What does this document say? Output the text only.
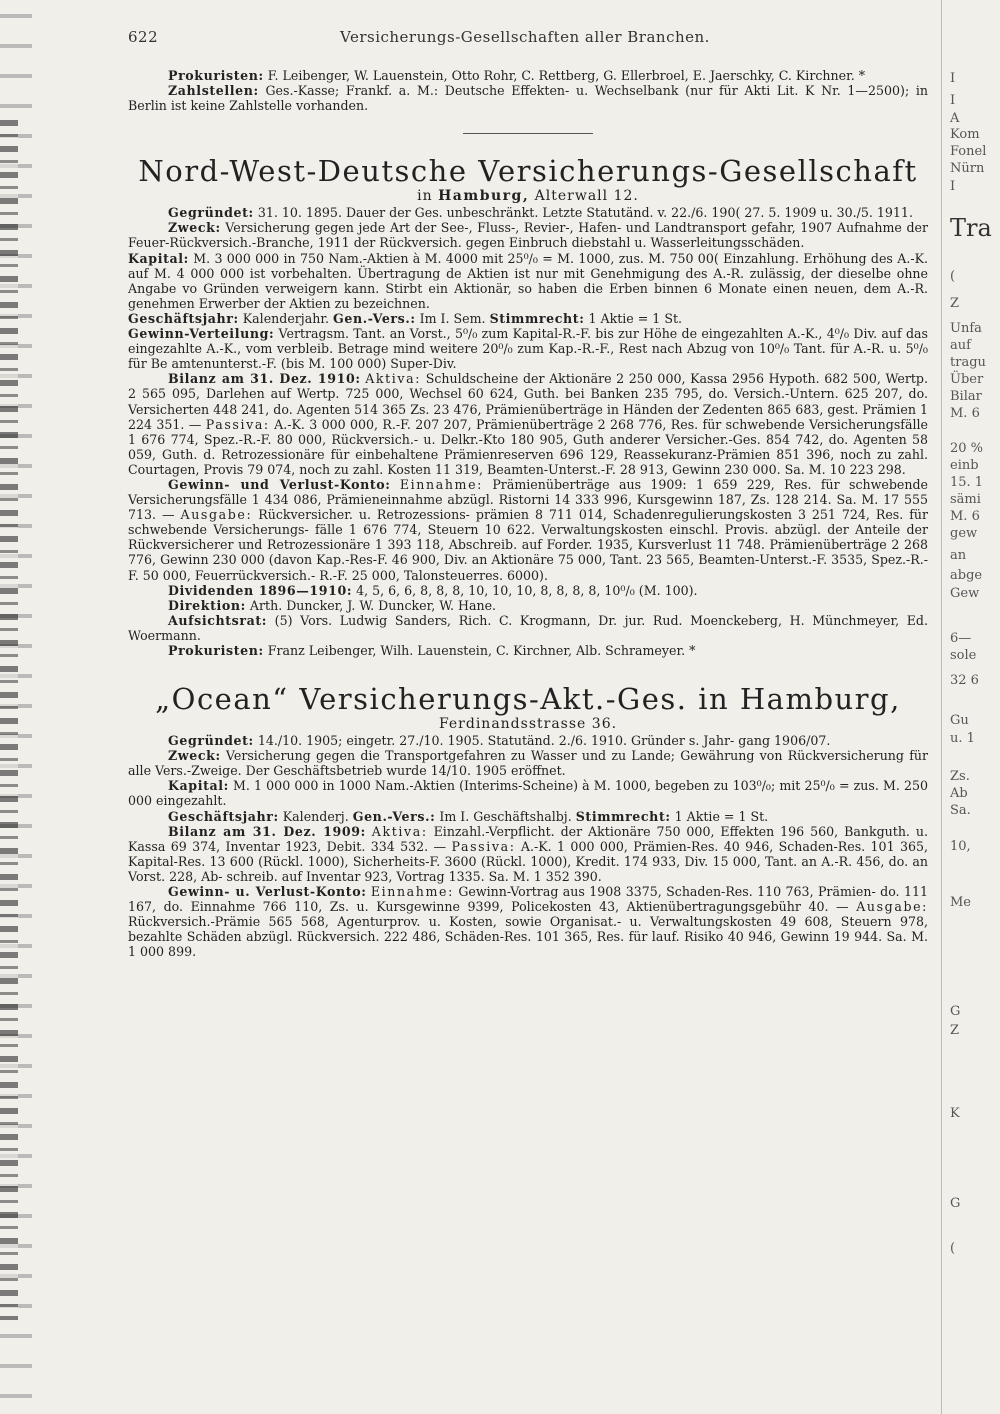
622	Versicherungs-Gesellschaften aller Branchen.

Prokuristen: F. Leibenger, W. Lauenstein, Otto Rohr, C. Rettberg, G. Ellerbroel, E. Jaerschky, C. Kirchner. *

Zahlstellen: Ges.-Kasse; Frankf. a. M.: Deutsche Effekten- u. Wechselbank (nur für Akti Lit. K Nr. 1—2500); in Berlin ist keine Zahlstelle vorhanden.

Nord-West-Deutsche Versicherungs-Gesellschaft
in Hamburg, Alterwall 12.

Gegründet: 31. 10. 1895. Dauer der Ges. unbeschränkt. Letzte Statutänd. v. 22./6. 190( 27. 5. 1909 u. 30./5. 1911.

Zweck: Versicherung gegen jede Art der See-, Fluss-, Revier-, Hafen- und Landtransport gefahr, 1907 Aufnahme der Feuer-Rückversich.-Branche, 1911 der Rückversich. gegen Einbruch diebstahl u. Wasserleitungsschäden.

Kapital: M. 3 000 000 in 750 Nam.-Aktien à M. 4000 mit 25⁰/₀ = M. 1000, zus. M. 750 00( Einzahlung. Erhöhung des A.-K. auf M. 4 000 000 ist vorbehalten. Übertragung de Aktien ist nur mit Genehmigung des A.-R. zulässig, der dieselbe ohne Angabe vo Gründen verweigern kann. Stirbt ein Aktionär, so haben die Erben binnen 6 Monate einen neuen, dem A.-R. genehmen Erwerber der Aktien zu bezeichnen.

Geschäftsjahr: Kalenderjahr. Gen.-Vers.: Im I. Sem. Stimmrecht: 1 Aktie = 1 St.

Gewinn-Verteilung: Vertragsm. Tant. an Vorst., 5⁰/₀ zum Kapital-R.-F. bis zur Höhe de eingezahlten A.-K., 4⁰/₀ Div. auf das eingezahlte A.-K., vom verbleib. Betrage mind weitere 20⁰/₀ zum Kap.-R.-F., Rest nach Abzug von 10⁰/₀ Tant. für A.-R. u. 5⁰/₀ für Be amtenunterst.-F. (bis M. 100 000) Super-Div.

Bilanz am 31. Dez. 1910: Aktiva: Schuldscheine der Aktionäre 2 250 000, Kassa 2956 Hypoth. 682 500, Wertp. 2 565 095, Darlehen auf Wertp. 725 000, Wechsel 60 624, Guth. bei Banken 235 795, do. Versich.-Untern. 625 207, do. Versicherten 448 241, do. Agenten 514 365 Zs. 23 476, Prämienüberträge in Händen der Zedenten 865 683, gest. Prämien 1 224 351. — Passiva: A.-K. 3 000 000, R.-F. 207 207, Prämienüberträge 2 268 776, Res. für schwebende Versicherungsfälle 1 676 774, Spez.-R.-F. 80 000, Rückversich.- u. Delkr.-Kto 180 905, Guth anderer Versicher.-Ges. 854 742, do. Agenten 58 059, Guth. d. Retrozessionäre für einbehaltene Prämienreserven 696 129, Reassekuranz-Prämien 851 396, noch zu zahl. Courtagen, Provis 79 074, noch zu zahl. Kosten 11 319, Beamten-Unterst.-F. 28 913, Gewinn 230 000. Sa. M. 10 223 298.

Gewinn- und Verlust-Konto: Einnahme: Prämienüberträge aus 1909: 1 659 229, Res. für schwebende Versicherungsfälle 1 434 086, Prämieneinnahme abzügl. Ristorni 14 333 996, Kursgewinn 187, Zs. 128 214. Sa. M. 17 555 713. — Ausgabe: Rückversicher. u. Retrozessions- prämien 8 711 014, Schadenregulierungskosten 3 251 724, Res. für schwebende Versicherungs- fälle 1 676 774, Steuern 10 622. Verwaltungskosten einschl. Provis. abzügl. der Anteile der Rückversicherer und Retrozessionäre 1 393 118, Abschreib. auf Forder. 1935, Kursverlust 11 748. Prämienüberträge 2 268 776, Gewinn 230 000 (davon Kap.-Res-F. 46 900, Div. an Aktionäre 75 000, Tant. 23 565, Beamten-Unterst.-F. 3535, Spez.-R.-F. 50 000, Feuerrückversich.- R.-F. 25 000, Talonsteuerres. 6000).

Dividenden 1896—1910: 4, 5, 6, 6, 8, 8, 8, 10, 10, 10, 8, 8, 8, 8, 10⁰/₀ (M. 100).

Direktion: Arth. Duncker, J. W. Duncker, W. Hane.

Aufsichtsrat: (5) Vors. Ludwig Sanders, Rich. C. Krogmann, Dr. jur. Rud. Moenckeberg, H. Münchmeyer, Ed. Woermann.

Prokuristen: Franz Leibenger, Wilh. Lauenstein, C. Kirchner, Alb. Schrameyer. *

„Ocean“ Versicherungs-Akt.-Ges. in Hamburg,
Ferdinandsstrasse 36.

Gegründet: 14./10. 1905; eingetr. 27./10. 1905. Statutänd. 2./6. 1910. Gründer s. Jahr- gang 1906/07.

Zweck: Versicherung gegen die Transportgefahren zu Wasser und zu Lande; Gewährung von Rückversicherung für alle Vers.-Zweige. Der Geschäftsbetrieb wurde 14/10. 1905 eröffnet.

Kapital: M. 1 000 000 in 1000 Nam.-Aktien (Interims-Scheine) à M. 1000, begeben zu 103⁰/₀; mit 25⁰/₀ = zus. M. 250 000 eingezahlt.

Geschäftsjahr: Kalenderj. Gen.-Vers.: Im I. Geschäftshalbj. Stimmrecht: 1 Aktie = 1 St.

Bilanz am 31. Dez. 1909: Aktiva: Einzahl.-Verpflicht. der Aktionäre 750 000, Effekten 196 560, Bankguth. u. Kassa 69 374, Inventar 1923, Debit. 334 532. — Passiva: A.-K. 1 000 000, Prämien-Res. 40 946, Schaden-Res. 101 365, Kapital-Res. 13 600 (Rückl. 1000), Sicherheits-F. 3600 (Rückl. 1000), Kredit. 174 933, Div. 15 000, Tant. an A.-R. 456, do. an Vorst. 228, Ab- schreib. auf Inventar 923, Vortrag 1335. Sa. M. 1 352 390.

Gewinn- u. Verlust-Konto: Einnahme: Gewinn-Vortrag aus 1908 3375, Schaden-Res. 110 763, Prämien- do. 111 167, do. Einnahme 766 110, Zs. u. Kursgewinne 9399, Policekosten 43, Aktienübertragungsgebühr 40. — Ausgabe: Rückversich.-Prämie 565 568, Agenturprov. u. Kosten, sowie Organisat.- u. Verwaltungskosten 49 608, Steuern 978, bezahlte Schäden abzügl. Rückversich. 222 486, Schäden-Res. 101 365, Res. für lauf. Risiko 40 946, Gewinn 19 944. Sa. M. 1 000 899.

I
I
A
Kom
Fonel
Nürn
I
Tra
(
Z
Unfa
auf
tragu
Über
Bilar
M. 6
20 %
einb
15. 1
sämi
M. 6
gew
an
abge
Gew
6—
sole
32 6
Gu
u. 1
Zs.
Ab
Sa.
10,
Me
G
Z
K
G
(
